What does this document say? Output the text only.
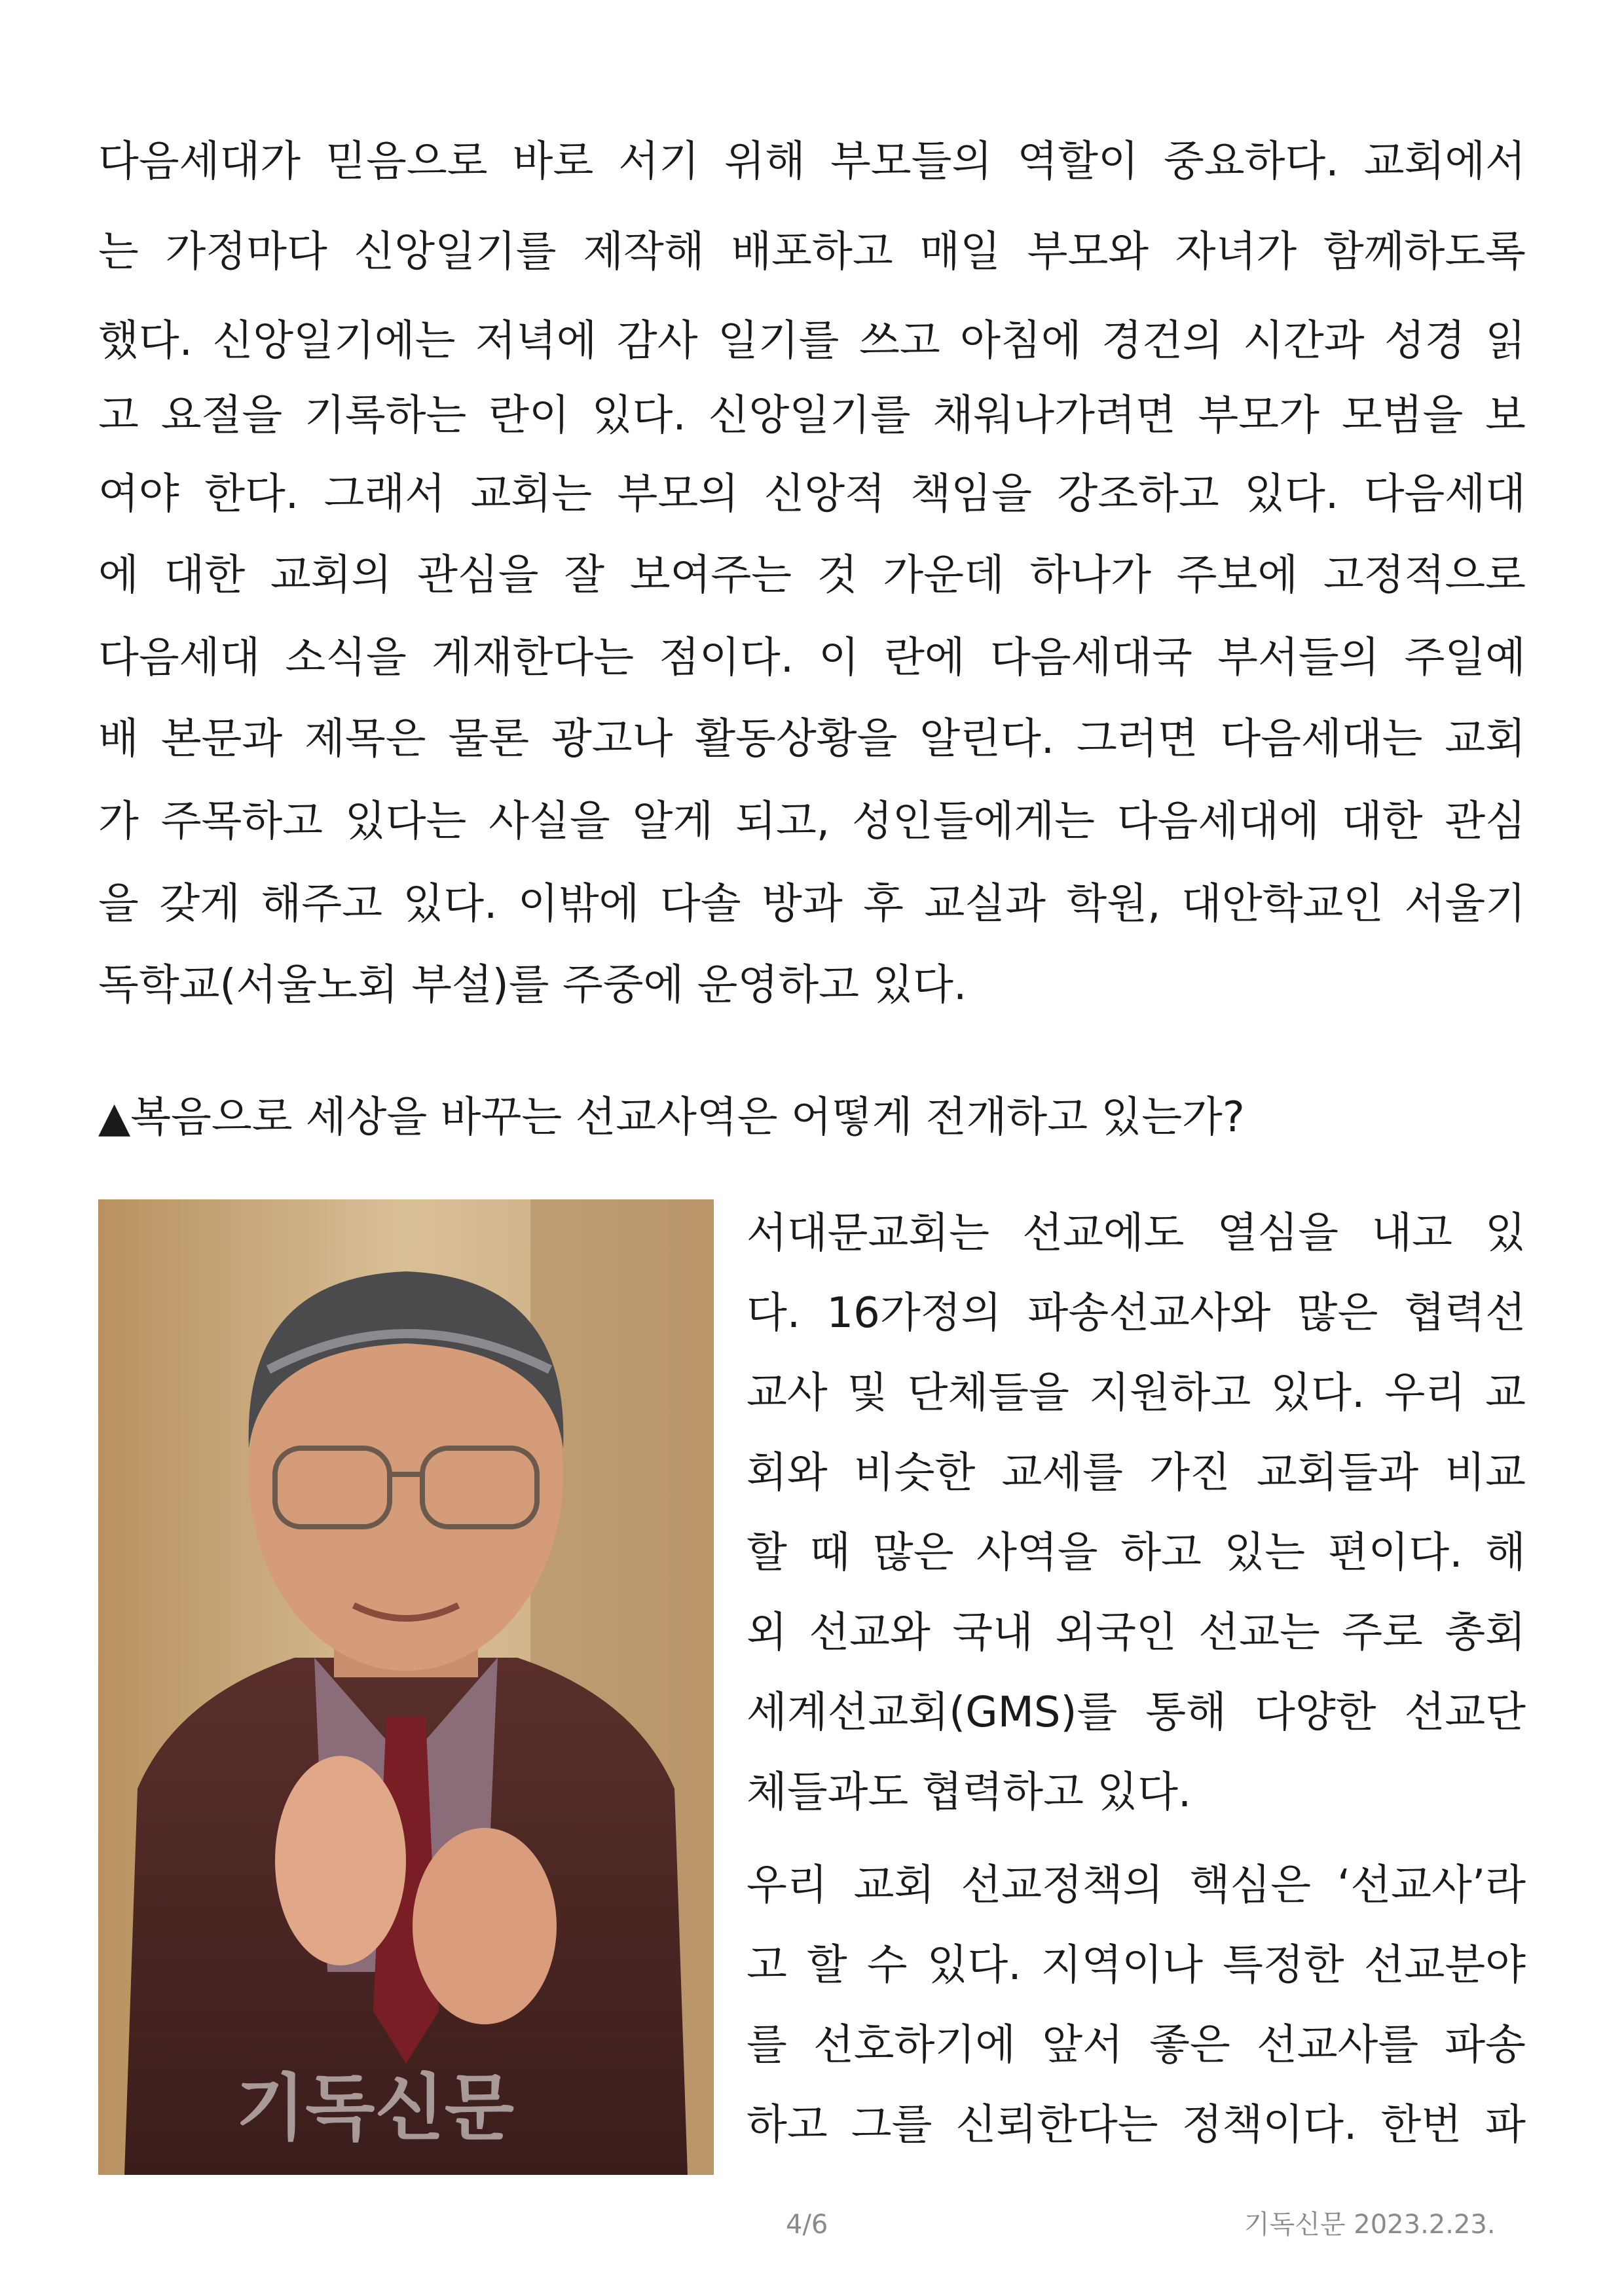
다음세대가 믿음으로 바로 서기 위해 부모들의 역할이 중요하다. 교회에서
는 가정마다 신앙일기를 제작해 배포하고 매일 부모와 자녀가 함께하도록
했다. 신앙일기에는 저녁에 감사 일기를 쓰고 아침에 경건의 시간과 성경 읽
고 요절을 기록하는 란이 있다. 신앙일기를 채워나가려면 부모가 모범을 보
여야 한다. 그래서 교회는 부모의 신앙적 책임을 강조하고 있다. 다음세대
에 대한 교회의 관심을 잘 보여주는 것 가운데 하나가 주보에 고정적으로
다음세대 소식을 게재한다는 점이다. 이 란에 다음세대국 부서들의 주일예
배 본문과 제목은 물론 광고나 활동상황을 알린다. 그러면 다음세대는 교회
가 주목하고 있다는 사실을 알게 되고, 성인들에게는 다음세대에 대한 관심
을 갖게 해주고 있다. 이밖에 다솔 방과 후 교실과 학원, 대안학교인 서울기
독학교(서울노회 부설)를 주중에 운영하고 있다.
▲복음으로 세상을 바꾸는 선교사역은 어떻게 전개하고 있는가?
기독신문
서대문교회는 선교에도 열심을 내고 있
다. 16가정의 파송선교사와 많은 협력선
교사 및 단체들을 지원하고 있다. 우리 교
회와 비슷한 교세를 가진 교회들과 비교
할 때 많은 사역을 하고 있는 편이다. 해
외 선교와 국내 외국인 선교는 주로 총회
세계선교회(GMS)를 통해 다양한 선교단
체들과도 협력하고 있다.
우리 교회 선교정책의 핵심은 ‘선교사’라
고 할 수 있다. 지역이나 특정한 선교분야
를 선호하기에 앞서 좋은 선교사를 파송
하고 그를 신뢰한다는 정책이다. 한번 파
4/6	기독신문 2023.2.23.
